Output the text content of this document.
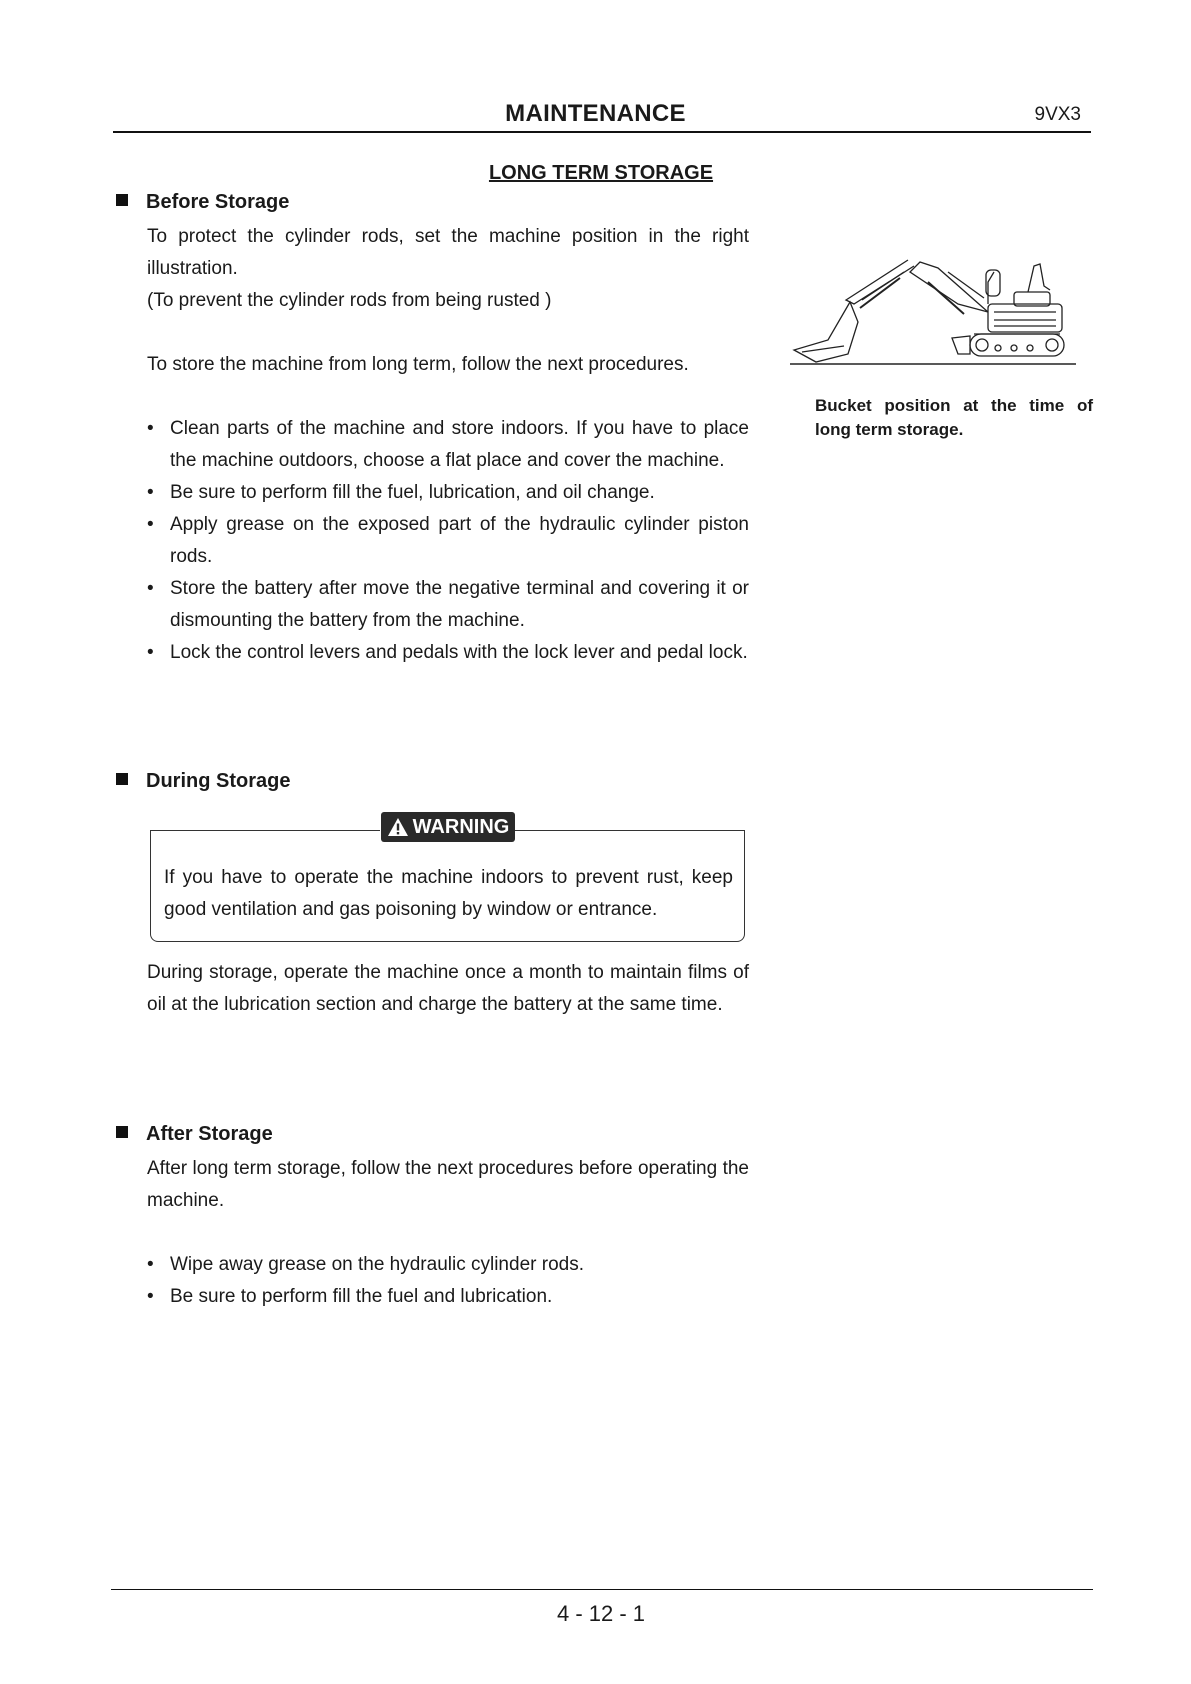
MAINTENANCE	9VX3
LONG TERM STORAGE
Before Storage

To protect the cylinder rods, set the machine position in the right illustration.

(To prevent the cylinder rods from being rusted )

To store the machine from long term, follow the next procedures.

• Clean parts of the machine and store indoors. If you have to place the machine outdoors, choose a flat place and cover the machine.
• Be sure to perform fill the fuel, lubrication, and oil change.
• Apply grease on the exposed part of the hydraulic cylinder piston rods.
• Store the battery after move the negative terminal and covering it or dismounting the battery from the machine.
• Lock the control levers and pedals with the lock lever and pedal lock.
Bucket position at the time of long term storage.
During Storage
WARNING
If you have to operate the machine indoors to prevent rust, keep good ventilation and gas poisoning by window or entrance.
During storage, operate the machine once a month to maintain films of oil at the lubrication section and charge the battery at the same time.
After Storage
After long term storage, follow the next procedures before operating the machine.
• Wipe away grease on the hydraulic cylinder rods.
• Be sure to perform fill the fuel and lubrication.
4 - 12 - 1
